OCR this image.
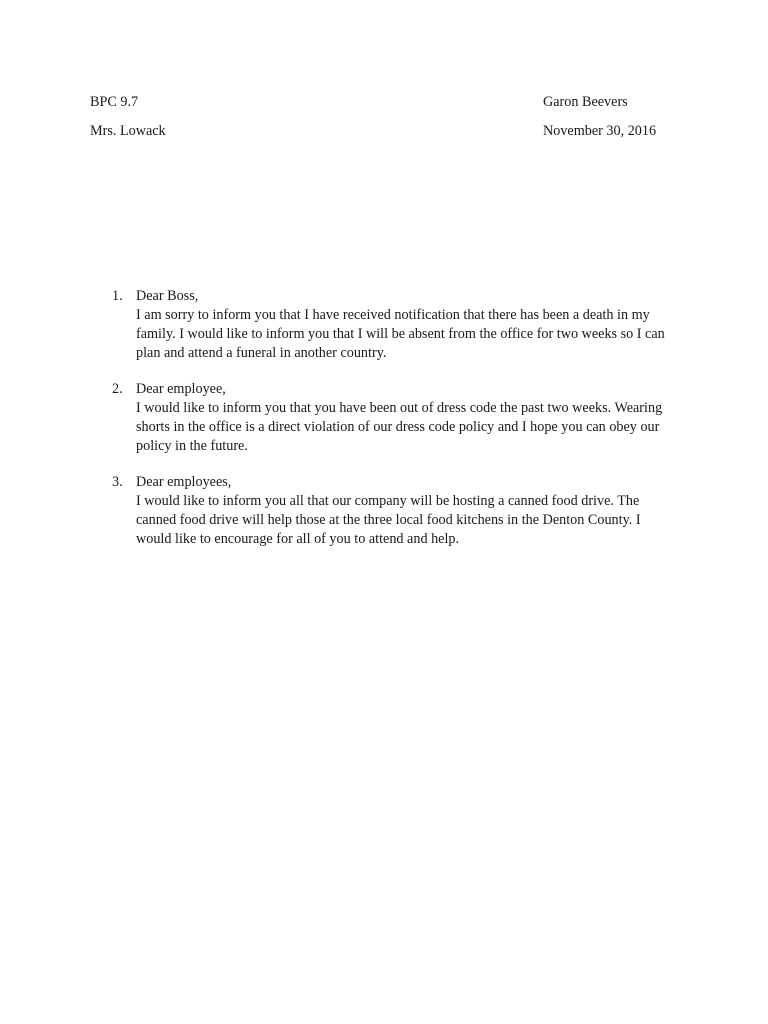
BPC 9.7
Mrs. Lowack
Garon Beevers
November 30, 2016
1. Dear Boss,
I am sorry to inform you that I have received notification that there has been a death in my family. I would like to inform you that I will be absent from the office for two weeks so I can plan and attend a funeral in another country.
2. Dear employee,
I would like to inform you that you have been out of dress code the past two weeks. Wearing shorts in the office is a direct violation of our dress code policy and I hope you can obey our policy in the future.
3. Dear employees,
I would like to inform you all that our company will be hosting a canned food drive. The canned food drive will help those at the three local food kitchens in the Denton County. I would like to encourage for all of you to attend and help.
